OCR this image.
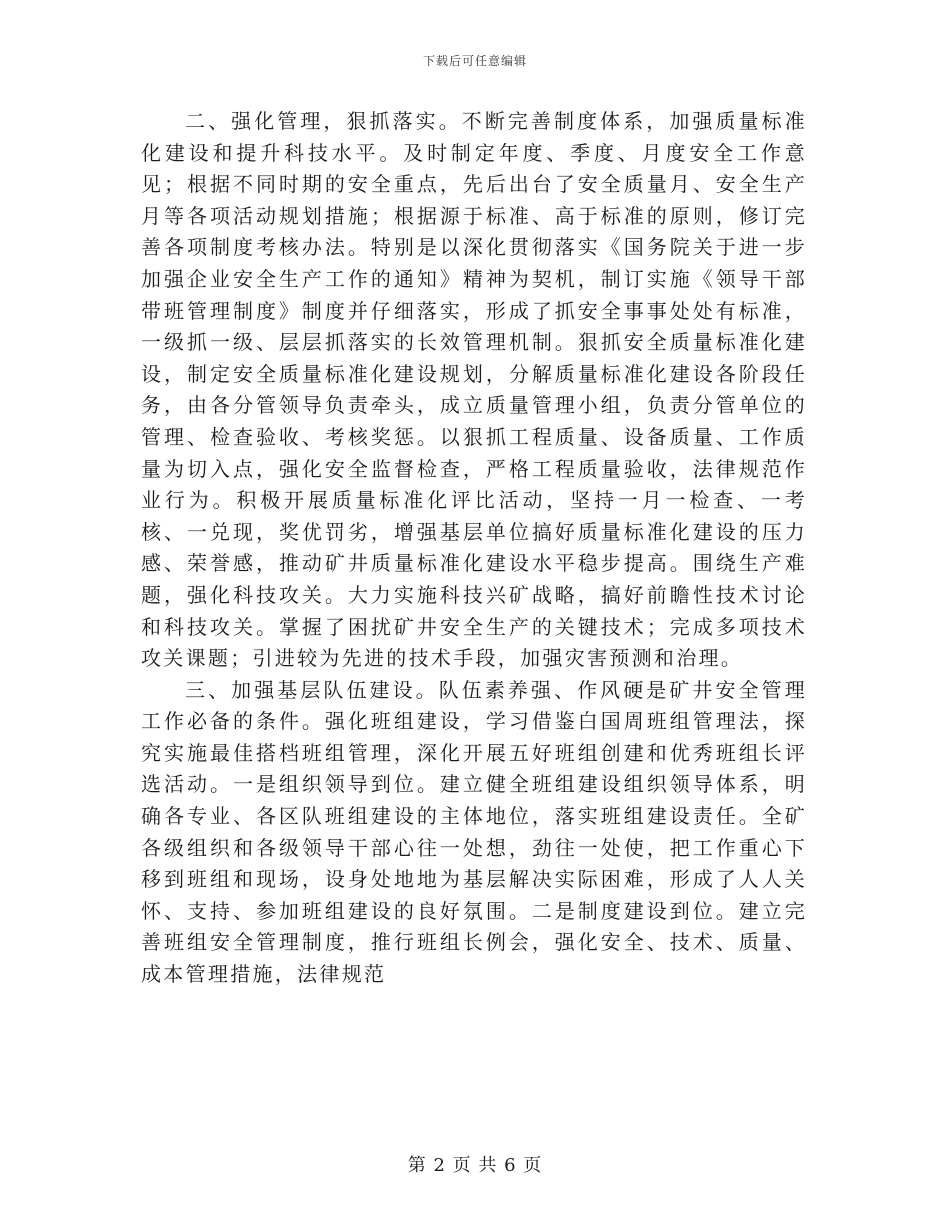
下载后可任意编辑

二、强化管理，狠抓落实。不断完善制度体系，加强质量标准化建设和提升科技水平。及时制定年度、季度、月度安全工作意见；根据不同时期的安全重点，先后出台了安全质量月、安全生产月等各项活动规划措施；根据源于标准、高于标准的原则，修订完善各项制度考核办法。特别是以深化贯彻落实《国务院关于进一步加强企业安全生产工作的通知》精神为契机，制订实施《领导干部带班管理制度》制度并仔细落实，形成了抓安全事事处处有标准，一级抓一级、层层抓落实的长效管理机制。狠抓安全质量标准化建设，制定安全质量标准化建设规划，分解质量标准化建设各阶段任务，由各分管领导负责牵头，成立质量管理小组，负责分管单位的管理、检查验收、考核奖惩。以狠抓工程质量、设备质量、工作质量为切入点，强化安全监督检查，严格工程质量验收，法律规范作业行为。积极开展质量标准化评比活动，坚持一月一检查、一考核、一兑现，奖优罚劣，增强基层单位搞好质量标准化建设的压力感、荣誉感，推动矿井质量标准化建设水平稳步提高。围绕生产难题，强化科技攻关。大力实施科技兴矿战略，搞好前瞻性技术讨论和科技攻关。掌握了困扰矿井安全生产的关键技术；完成多项技术攻关课题；引进较为先进的技术手段，加强灾害预测和治理。

三、加强基层队伍建设。队伍素养强、作风硬是矿井安全管理工作必备的条件。强化班组建设，学习借鉴白国周班组管理法，探究实施最佳搭档班组管理，深化开展五好班组创建和优秀班组长评选活动。一是组织领导到位。建立健全班组建设组织领导体系，明确各专业、各区队班组建设的主体地位，落实班组建设责任。全矿各级组织和各级领导干部心往一处想，劲往一处使，把工作重心下移到班组和现场，设身处地地为基层解决实际困难，形成了人人关怀、支持、参加班组建设的良好氛围。二是制度建设到位。建立完善班组安全管理制度，推行班组长例会，强化安全、技术、质量、成本管理措施，法律规范

第 2 页 共 6 页
